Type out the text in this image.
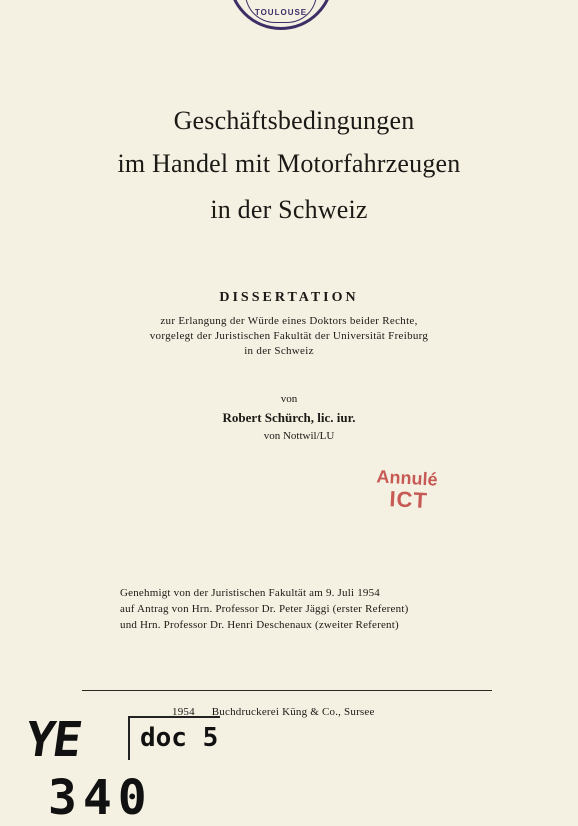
TOULOUSE
Geschäftsbedingungen
im Handel mit Motorfahrzeugen
in der Schweiz
DISSERTATION
zur Erlangung der Würde eines Doktors beider Rechte,
vorgelegt der Juristischen Fakultät der Universität Freiburg
in der Schweiz
von
Robert Schürch, lic. iur.
von Nottwil/LU
Annulé
ICT
Genehmigt von der Juristischen Fakultät am 9. Juli 1954
auf Antrag von Hrn. Professor Dr. Peter Jäggi (erster Referent)
und Hrn. Professor Dr. Henri Deschenaux (zweiter Referent)
1954 Buchdruckerei Küng & Co., Sursee
YE	doc 5
340
